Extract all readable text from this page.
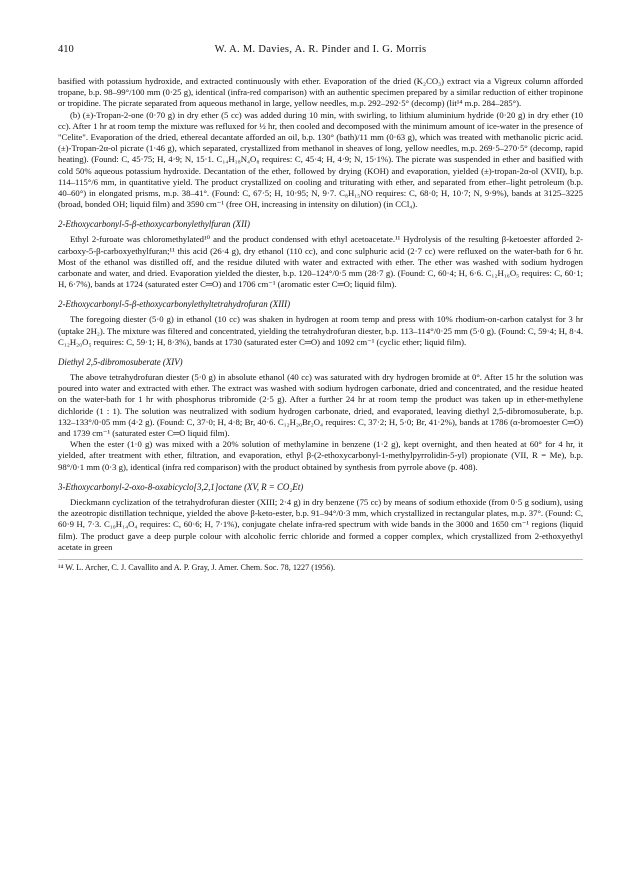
410	W. A. M. Davies, A. R. Pinder and I. G. Morris

basified with potassium hydroxide, and extracted continuously with ether. Evaporation of the dried (K₂CO₃) extract via a Vigreux column afforded tropane, b.p. 98–99°/100 mm (0·25 g), identical (infra-red comparison) with an authentic specimen prepared by a similar reduction of either tropinone or tropidine. The picrate separated from aqueous methanol in large, yellow needles, m.p. 292–292·5° (decomp) (lit¹⁴ m.p. 284–285°).

(b) (±)-Tropan-2-one (0·70 g) in dry ether (5 cc) was added during 10 min, with swirling, to lithium aluminium hydride (0·20 g) in dry ether (10 cc). After 1 hr at room temp the mixture was refluxed for ½ hr, then cooled and decomposed with the minimum amount of ice-water in the presence of "Celite". Evaporation of the dried, ethereal decantate afforded an oil, b.p. 130° (bath)/11 mm (0·63 g), which was treated with methanolic picric acid. (±)-Tropan-2α-ol picrate (1·46 g), which separated, crystallized from methanol in sheaves of long, yellow needles, m.p. 269·5–270·5° (decomp, rapid heating). (Found: C, 45·75; H, 4·9; N, 15·1. C₁₄H₁₈N₄O₈ requires: C, 45·4; H, 4·9; N, 15·1%). The picrate was suspended in ether and basified with cold 50% aqueous potassium hydroxide. Decantation of the ether, followed by drying (KOH) and evaporation, yielded (±)-tropan-2α-ol (XVII), b.p. 114–115°/6 mm, in quantitative yield. The product crystallized on cooling and triturating with ether, and separated from ether–light petroleum (b.p. 40–60°) in elongated prisms, m.p. 38–41°. (Found: C, 67·5; H, 10·95; N, 9·7. C₈H₁₅NO requires: C, 68·0; H, 10·7; N, 9·9%), bands at 3125–3225 (broad, bonded OH; liquid film) and 3590 cm⁻¹ (free OH, increasing in intensity on dilution) (in CCl₄).

2-Ethoxycarbonyl-5-β-ethoxycarbonylethylfuran (XII)

Ethyl 2-furoate was chloromethylated¹⁰ and the product condensed with ethyl acetoacetate.¹¹ Hydrolysis of the resulting β-ketoester afforded 2-carboxy-5-β-carboxyethylfuran;¹¹ this acid (26·4 g), dry ethanol (110 cc), and conc sulphuric acid (2·7 cc) were refluxed on the water-bath for 6 hr. Most of the ethanol was distilled off, and the residue diluted with water and extracted with ether. The ether was washed with sodium hydrogen carbonate and water, and dried. Evaporation yielded the diester, b.p. 120–124°/0·5 mm (28·7 g). (Found: C, 60·4; H, 6·6. C₁₂H₁₆O₅ requires: C, 60·1; H, 6·7%), bands at 1724 (saturated ester C═O) and 1706 cm⁻¹ (aromatic ester C═O; liquid film).

2-Ethoxycarbonyl-5-β-ethoxycarbonylethyltetrahydrofuran (XIII)

The foregoing diester (5·0 g) in ethanol (10 cc) was shaken in hydrogen at room temp and press with 10% rhodium-on-carbon catalyst for 3 hr (uptake 2H₂). The mixture was filtered and concentrated, yielding the tetrahydrofuran diester, b.p. 113–114°/0·25 mm (5·0 g). (Found: C, 59·4; H, 8·4. C₁₂H₂₀O₅ requires: C, 59·1; H, 8·3%), bands at 1730 (saturated ester C═O) and 1092 cm⁻¹ (cyclic ether; liquid film).

Diethyl 2,5-dibromosuberate (XIV)

The above tetrahydrofuran diester (5·0 g) in absolute ethanol (40 cc) was saturated with dry hydrogen bromide at 0°. After 15 hr the solution was poured into water and extracted with ether. The extract was washed with sodium hydrogen carbonate, dried and concentrated, and the residue heated on the water-bath for 1 hr with phosphorus tribromide (2·5 g). After a further 24 hr at room temp the product was taken up in ether-methylene dichloride (1 : 1). The solution was neutralized with sodium hydrogen carbonate, dried, and evaporated, leaving diethyl 2,5-dibromosuberate, b.p. 132–133°/0·05 mm (4·2 g). (Found: C, 37·0; H, 4·8; Br, 40·6. C₁₂H₂₀Br₂O₄ requires: C, 37·2; H, 5·0; Br, 41·2%), bands at 1786 (α-bromoester C═O) and 1739 cm⁻¹ (saturated ester C═O liquid film).

When the ester (1·0 g) was mixed with a 20% solution of methylamine in benzene (1·2 g), kept overnight, and then heated at 60° for 4 hr, it yielded, after treatment with ether, filtration, and evaporation, ethyl β-(2-ethoxycarbonyl-1-methylpyrrolidin-5-yl) propionate (VII, R = Me), b.p. 98°/0·1 mm (0·3 g), identical (infra red comparison) with the product obtained by synthesis from pyrrole above (p. 408).

3-Ethoxycarbonyl-2-oxo-8-oxabicyclo[3,2,1]octane (XV, R = CO₂Et)

Dieckmann cyclization of the tetrahydrofuran diester (XIII; 2·4 g) in dry benzene (75 cc) by means of sodium ethoxide (from 0·5 g sodium), using the azeotropic distillation technique, yielded the above β-keto-ester, b.p. 91–94°/0·3 mm, which crystallized in rectangular plates, m.p. 37°. (Found: C, 60·9 H, 7·3. C₁₀H₁₄O₄ requires: C, 60·6; H, 7·1%), conjugate chelate infra-red spectrum with wide bands in the 3000 and 1650 cm⁻¹ regions (liquid film). The product gave a deep purple colour with alcoholic ferric chloride and formed a copper complex, which crystallized from 2-ethoxyethyl acetate in green

¹⁴ W. L. Archer, C. J. Cavallito and A. P. Gray, J. Amer. Chem. Soc. 78, 1227 (1956).
